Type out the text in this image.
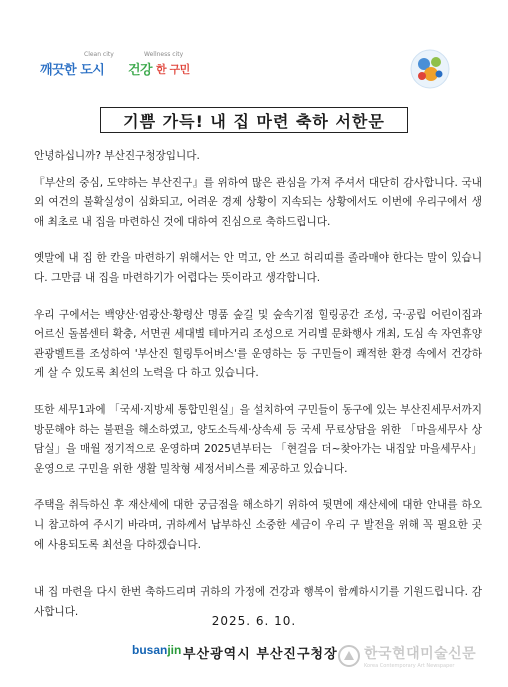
Clean city	Wellness city
깨끗한 도시 건강 한 구민
기쁨 가득! 내 집 마련 축하 서한문

안녕하십니까? 부산진구청장입니다.

『부산의 중심, 도약하는 부산진구』를 위하여 많은 관심을 가져 주셔서 대단히 감사합니다. 국내외 여건의 불확실성이 심화되고, 어려운 경제 상황이 지속되는 상황에서도 이번에 우리구에서 생애 최초로 내 집을 마련하신 것에 대하여 진심으로 축하드립니다.

옛말에 내 집 한 칸을 마련하기 위해서는 안 먹고, 안 쓰고 허리띠를 졸라매야 한다는 말이 있습니다. 그만큼 내 집을 마련하기가 어렵다는 뜻이라고 생각합니다.

우리 구에서는 백양산·엄광산·황령산 명품 숲길 및 숲속기점 힐링공간 조성, 국·공립 어린이집과 어르신 돌봄센터 확충, 서면권 세대별 테마거리 조성으로 거리별 문화행사 개최, 도심 속 자연휴양 관광벨트를 조성하여 '부산진 힐링투어버스'를 운영하는 등 구민들이 쾌적한 환경 속에서 건강하게 살 수 있도록 최선의 노력을 다 하고 있습니다.

또한 세무1과에 「국세·지방세 통합민원실」을 설치하여 구민들이 동구에 있는 부산진세무서까지 방문해야 하는 불편을 해소하였고, 양도소득세·상속세 등 국세 무료상담을 위한 「마을세무사 상담실」을 매월 정기적으로 운영하며 2025년부터는 「현걸음 더~찾아가는 내집앞 마을세무사」 운영으로 구민을 위한 생활 밀착형 세정서비스를 제공하고 있습니다.

주택을 취득하신 후 재산세에 대한 궁금점을 해소하기 위하여 뒷면에 재산세에 대한 안내를 하오니 참고하여 주시기 바라며, 귀하께서 납부하신 소중한 세금이 우리 구 발전을 위해 꼭 필요한 곳에 사용되도록 최선을 다하겠습니다.

내 집 마련을 다시 한번 축하드리며 귀하의 가정에 건강과 행복이 함께하시기를 기원드립니다. 감사합니다.

2025. 6. 10.
busanjin 부산광역시 부산진구청장 한국현대미술신문
Korea Contemporary Art Newspaper
